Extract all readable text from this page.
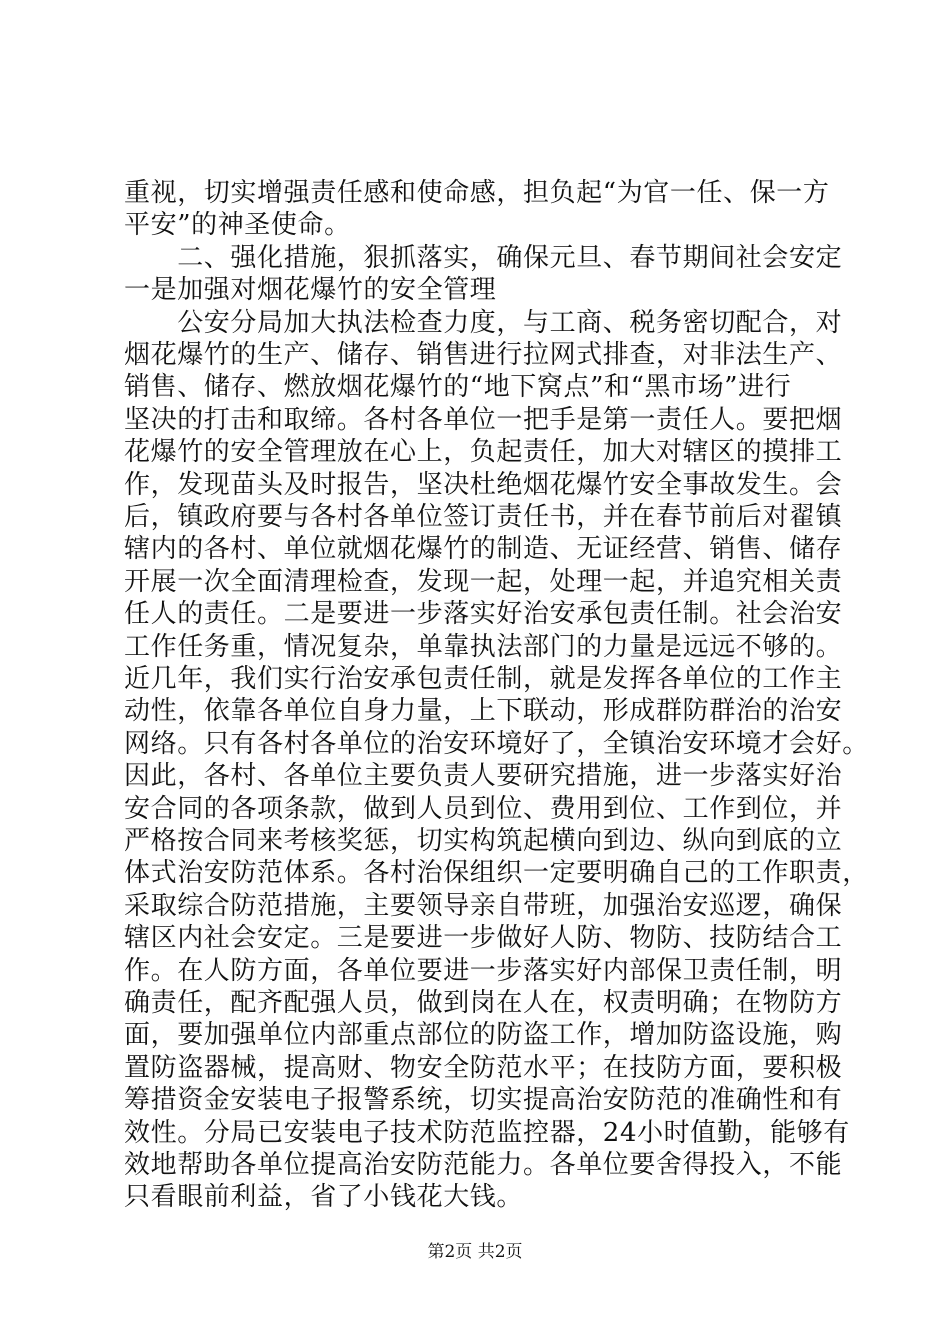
重视，切实增强责任感和使命感，担负起“为官一任、保一方
平安”的神圣使命。
　　二、强化措施，狠抓落实，确保元旦、春节期间社会安定
一是加强对烟花爆竹的安全管理
　　公安分局加大执法检查力度，与工商、税务密切配合，对
烟花爆竹的生产、储存、销售进行拉网式排查，对非法生产、
销售、储存、燃放烟花爆竹的“地下窝点”和“黑市场”进行
坚决的打击和取缔。各村各单位一把手是第一责任人。要把烟
花爆竹的安全管理放在心上，负起责任，加大对辖区的摸排工
作，发现苗头及时报告，坚决杜绝烟花爆竹安全事故发生。会
后，镇政府要与各村各单位签订责任书，并在春节前后对翟镇
辖内的各村、单位就烟花爆竹的制造、无证经营、销售、储存
开展一次全面清理检查，发现一起，处理一起，并追究相关责
任人的责任。二是要进一步落实好治安承包责任制。社会治安
工作任务重，情况复杂，单靠执法部门的力量是远远不够的。
近几年，我们实行治安承包责任制，就是发挥各单位的工作主
动性，依靠各单位自身力量，上下联动，形成群防群治的治安
网络。只有各村各单位的治安环境好了，全镇治安环境才会好。
因此，各村、各单位主要负责人要研究措施，进一步落实好治
安合同的各项条款，做到人员到位、费用到位、工作到位，并
严格按合同来考核奖惩，切实构筑起横向到边、纵向到底的立
体式治安防范体系。各村治保组织一定要明确自己的工作职责，
采取综合防范措施，主要领导亲自带班，加强治安巡逻，确保
辖区内社会安定。三是要进一步做好人防、物防、技防结合工
作。在人防方面，各单位要进一步落实好内部保卫责任制，明
确责任，配齐配强人员，做到岗在人在，权责明确；在物防方
面，要加强单位内部重点部位的防盗工作，增加防盗设施，购
置防盗器械，提高财、物安全防范水平；在技防方面，要积极
筹措资金安装电子报警系统，切实提高治安防范的准确性和有
效性。分局已安装电子技术防范监控器，24小时值勤，能够有
效地帮助各单位提高治安防范能力。各单位要舍得投入，不能
只看眼前利益，省了小钱花大钱。
第2页 共2页
